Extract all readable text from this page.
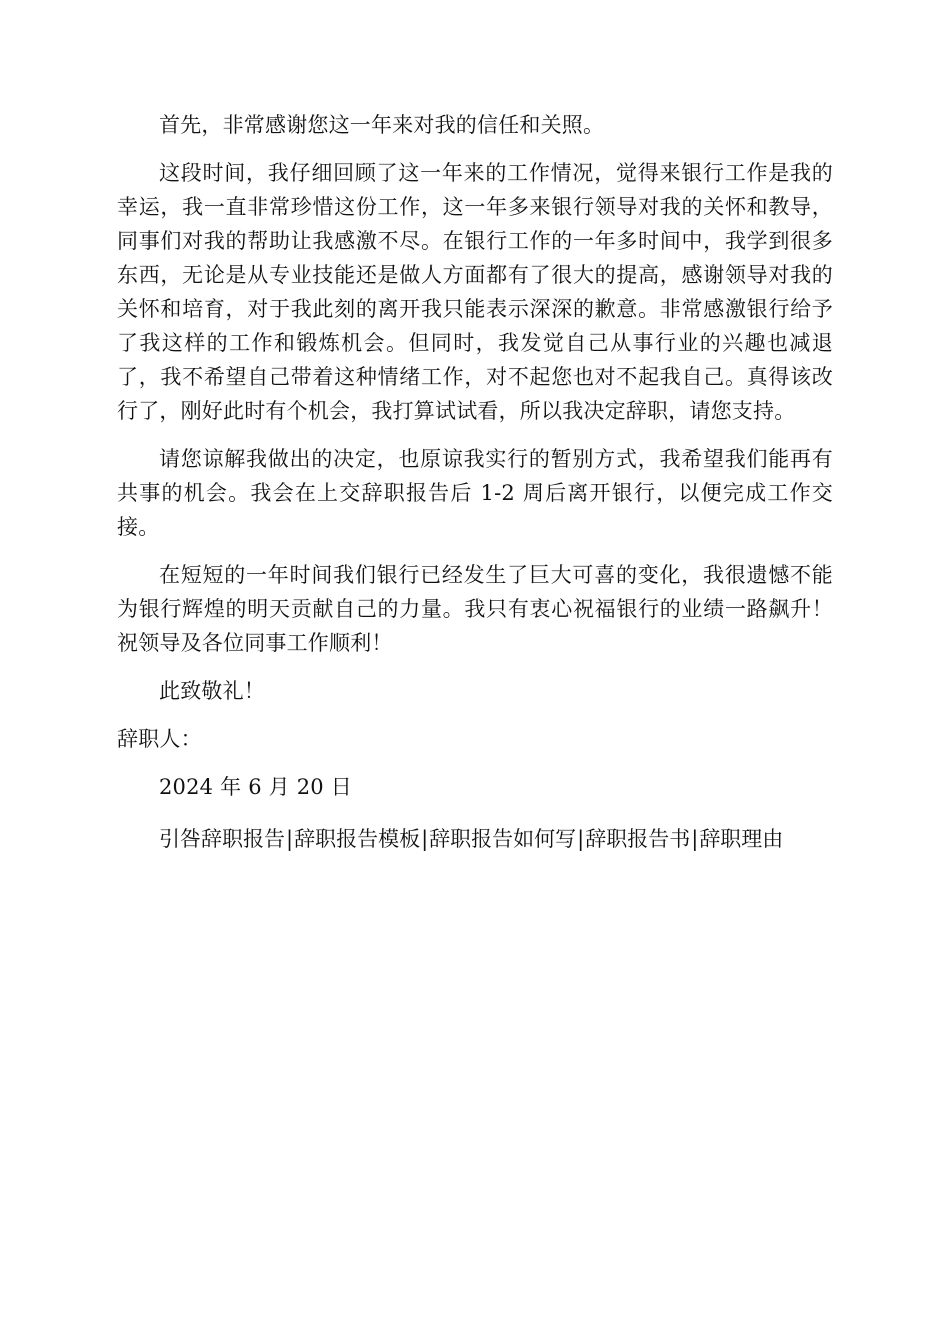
首先，非常感谢您这一年来对我的信任和关照。

这段时间，我仔细回顾了这一年来的工作情况，觉得来银行工作是我的幸运，我一直非常珍惜这份工作，这一年多来银行领导对我的关怀和教导，同事们对我的帮助让我感激不尽。在银行工作的一年多时间中，我学到很多东西，无论是从专业技能还是做人方面都有了很大的提高，感谢领导对我的关怀和培育，对于我此刻的离开我只能表示深深的歉意。非常感激银行给予了我这样的工作和锻炼机会。但同时，我发觉自己从事行业的兴趣也减退了，我不希望自己带着这种情绪工作，对不起您也对不起我自己。真得该改行了，刚好此时有个机会，我打算试试看，所以我决定辞职，请您支持。

请您谅解我做出的决定，也原谅我实行的暂别方式，我希望我们能再有共事的机会。我会在上交辞职报告后 1-2 周后离开银行，以便完成工作交接。

在短短的一年时间我们银行已经发生了巨大可喜的变化，我很遗憾不能为银行辉煌的明天贡献自己的力量。我只有衷心祝福银行的业绩一路飙升！祝领导及各位同事工作顺利！

此致敬礼！

辞职人：

2024 年 6 月 20 日

引咎辞职报告|辞职报告模板|辞职报告如何写|辞职报告书|辞职理由
